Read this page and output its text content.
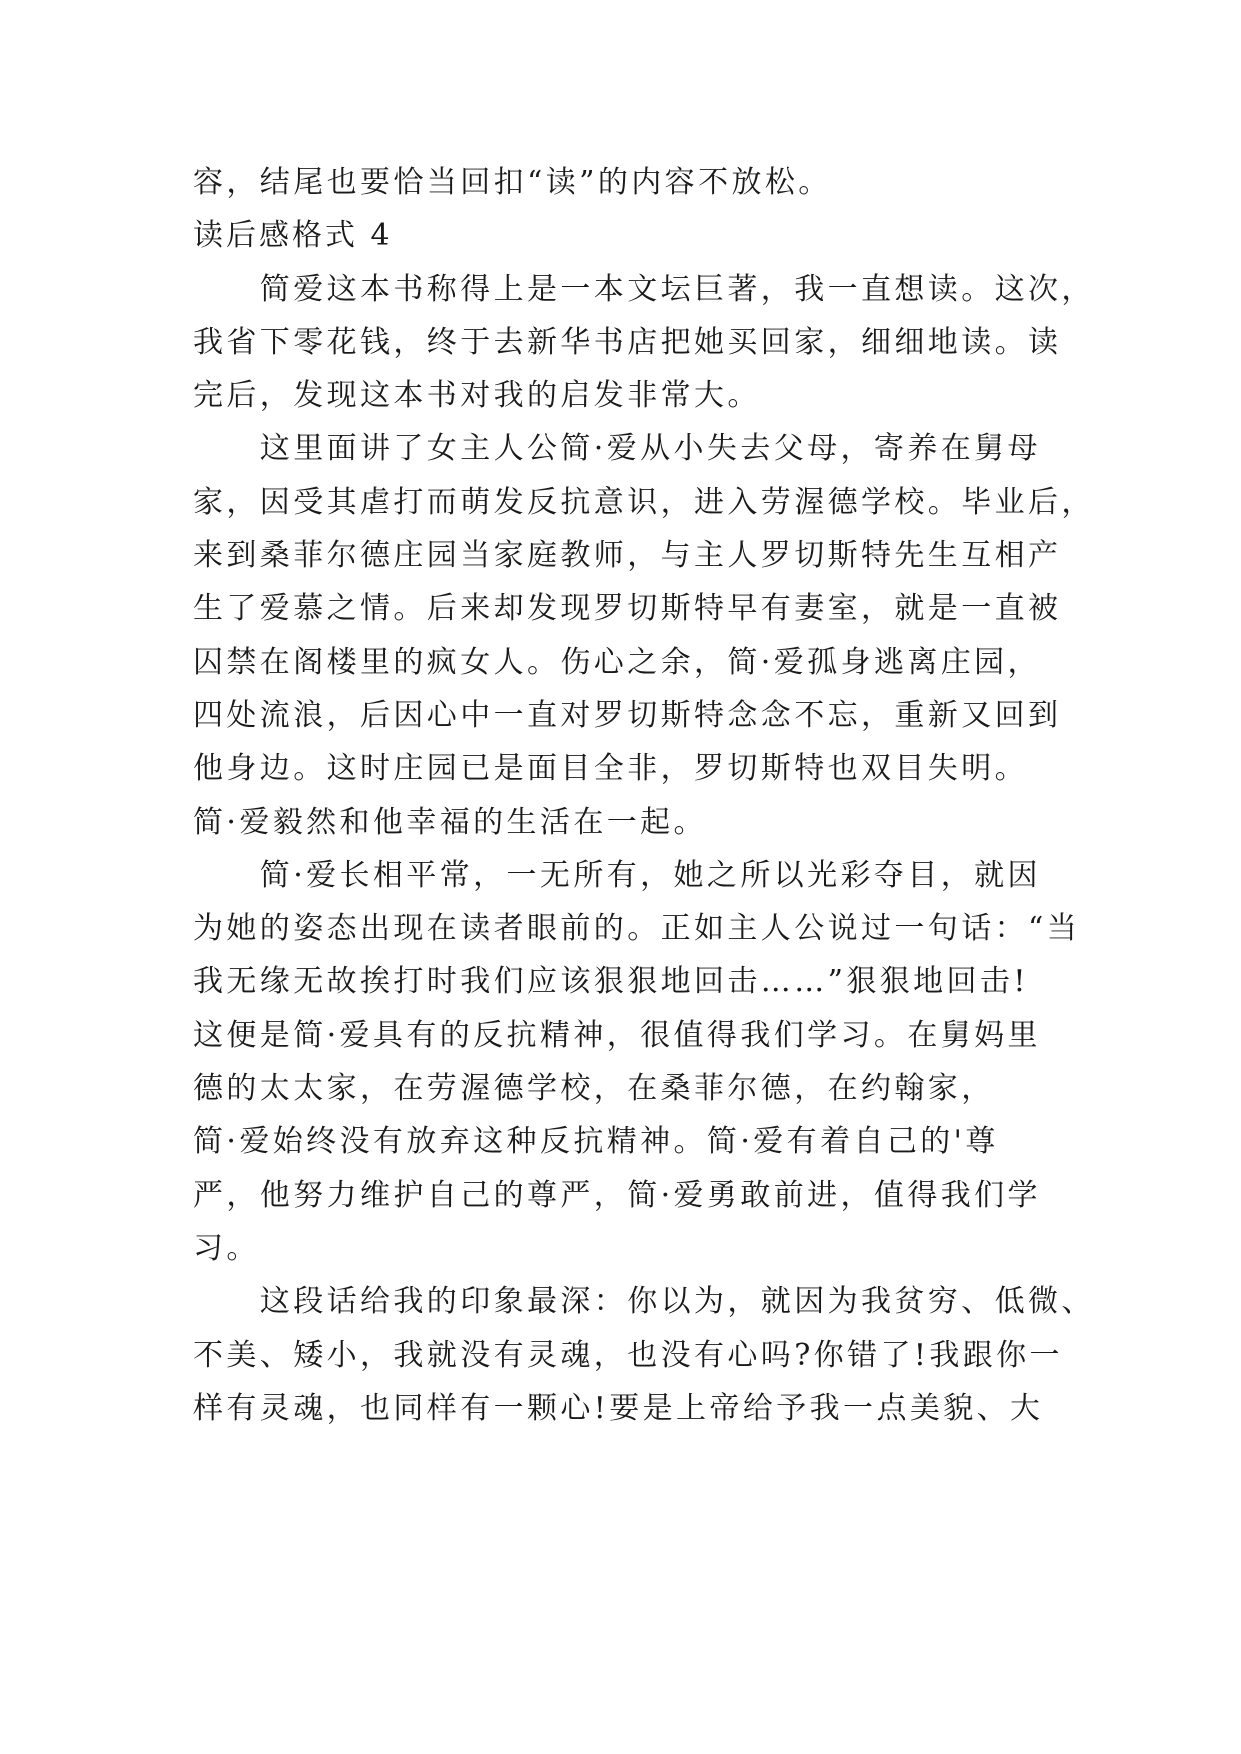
容，结尾也要恰当回扣“读”的内容不放松。
读后感格式 4
　　简爱这本书称得上是一本文坛巨著，我一直想读。这次，
我省下零花钱，终于去新华书店把她买回家，细细地读。读
完后，发现这本书对我的启发非常大。
　　这里面讲了女主人公简·爱从小失去父母，寄养在舅母
家，因受其虐打而萌发反抗意识，进入劳渥德学校。毕业后，
来到桑菲尔德庄园当家庭教师，与主人罗切斯特先生互相产
生了爱慕之情。后来却发现罗切斯特早有妻室，就是一直被
囚禁在阁楼里的疯女人。伤心之余，简·爱孤身逃离庄园，
四处流浪，后因心中一直对罗切斯特念念不忘，重新又回到
他身边。这时庄园已是面目全非，罗切斯特也双目失明。
简·爱毅然和他幸福的生活在一起。
　　简·爱长相平常，一无所有，她之所以光彩夺目，就因
为她的姿态出现在读者眼前的。正如主人公说过一句话：“当
我无缘无故挨打时我们应该狠狠地回击……”狠狠地回击!
这便是简·爱具有的反抗精神，很值得我们学习。在舅妈里
德的太太家，在劳渥德学校，在桑菲尔德，在约翰家，
简·爱始终没有放弃这种反抗精神。简·爱有着自己的'尊
严，他努力维护自己的尊严，简·爱勇敢前进，值得我们学
习。
　　这段话给我的印象最深：你以为，就因为我贫穷、低微、
不美、矮小，我就没有灵魂，也没有心吗?你错了!我跟你一
样有灵魂，也同样有一颗心!要是上帝给予我一点美貌、大
